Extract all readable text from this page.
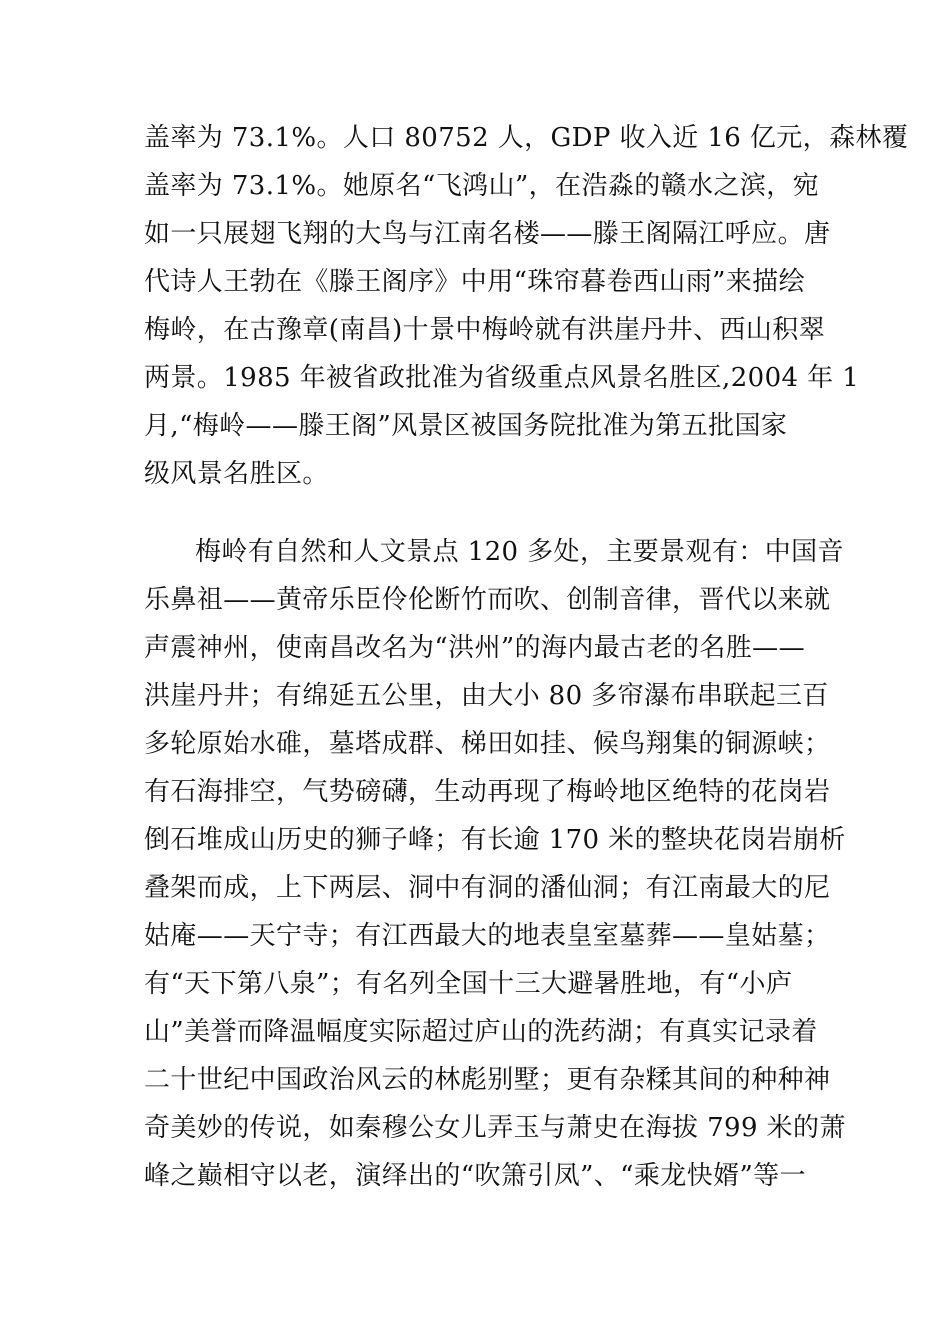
盖率为 73.1%。人口 80752 人，GDP 收入近 16 亿元，森林覆
盖率为 73.1%。她原名“飞鸿山”，在浩淼的赣水之滨，宛
如一只展翅飞翔的大鸟与江南名楼——滕王阁隔江呼应。唐
代诗人王勃在《滕王阁序》中用“珠帘暮卷西山雨”来描绘
梅岭，在古豫章(南昌)十景中梅岭就有洪崖丹井、西山积翠
两景。1985 年被省政批准为省级重点风景名胜区,2004 年 1
月,“梅岭——滕王阁”风景区被国务院批准为第五批国家
级风景名胜区。
梅岭有自然和人文景点 120 多处，主要景观有：中国音
乐鼻祖——黄帝乐臣伶伦断竹而吹、创制音律，晋代以来就
声震神州，使南昌改名为“洪州”的海内最古老的名胜——
洪崖丹井；有绵延五公里，由大小 80 多帘瀑布串联起三百
多轮原始水碓，墓塔成群、梯田如挂、候鸟翔集的铜源峡；
有石海排空，气势磅礴，生动再现了梅岭地区绝特的花岗岩
倒石堆成山历史的狮子峰；有长逾 170 米的整块花岗岩崩析
叠架而成，上下两层、洞中有洞的潘仙洞；有江南最大的尼
姑庵——天宁寺；有江西最大的地表皇室墓葬——皇姑墓；
有“天下第八泉”；有名列全国十三大避暑胜地，有“小庐
山”美誉而降温幅度实际超过庐山的洗药湖；有真实记录着
二十世纪中国政治风云的林彪别墅；更有杂糅其间的种种神
奇美妙的传说，如秦穆公女儿弄玉与萧史在海拔 799 米的萧
峰之巅相守以老，演绎出的“吹箫引凤”、“乘龙快婿”等一
